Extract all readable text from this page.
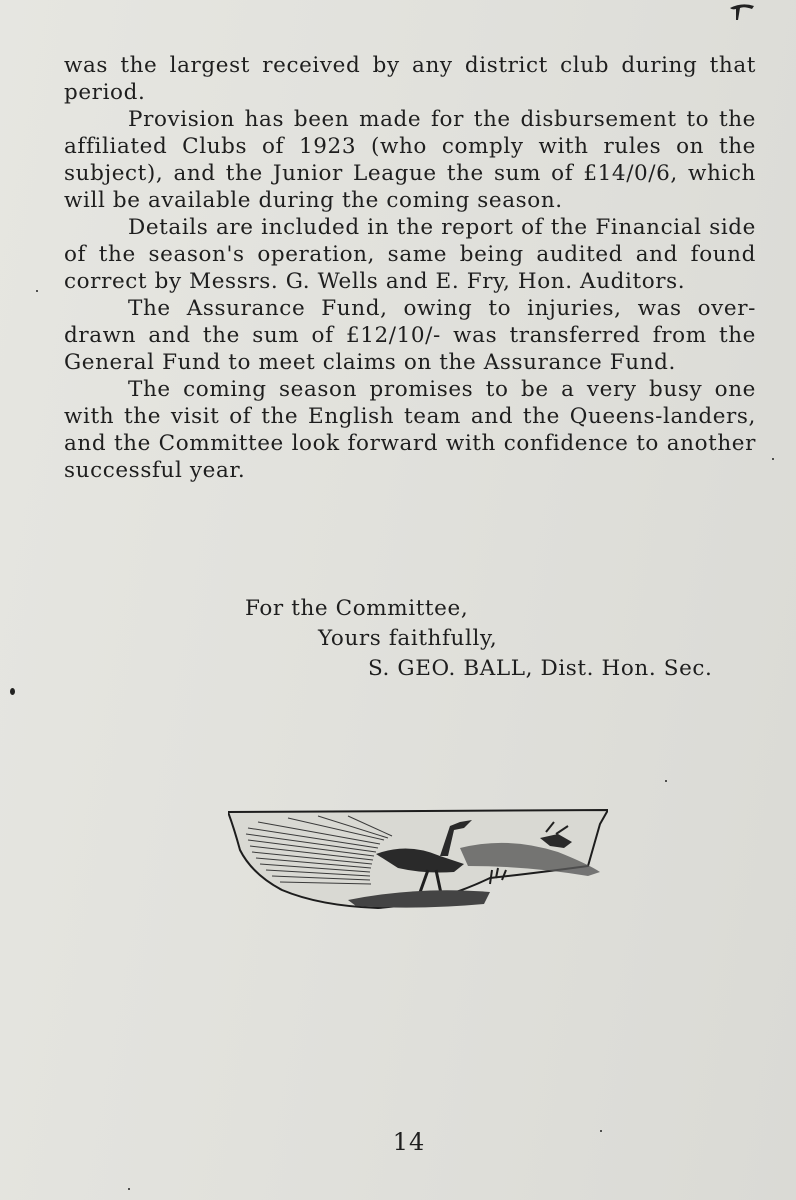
was the largest received by any district club during that period.

Provision has been made for the disbursement to the affiliated Clubs of 1923 (who comply with rules on the subject), and the Junior League the sum of £14/0/6, which will be available during the coming season.

Details are included in the report of the Financial side of the season's operation, same being audited and found correct by Messrs. G. Wells and E. Fry, Hon. Auditors.

The Assurance Fund, owing to injuries, was over-drawn and the sum of £12/10/- was transferred from the General Fund to meet claims on the Assurance Fund.

The coming season promises to be a very busy one with the visit of the English team and the Queens-landers, and the Committee look forward with confidence to another successful year.

For the Committee,
Yours faithfully,
S. GEO. BALL, Dist. Hon. Sec.
14
